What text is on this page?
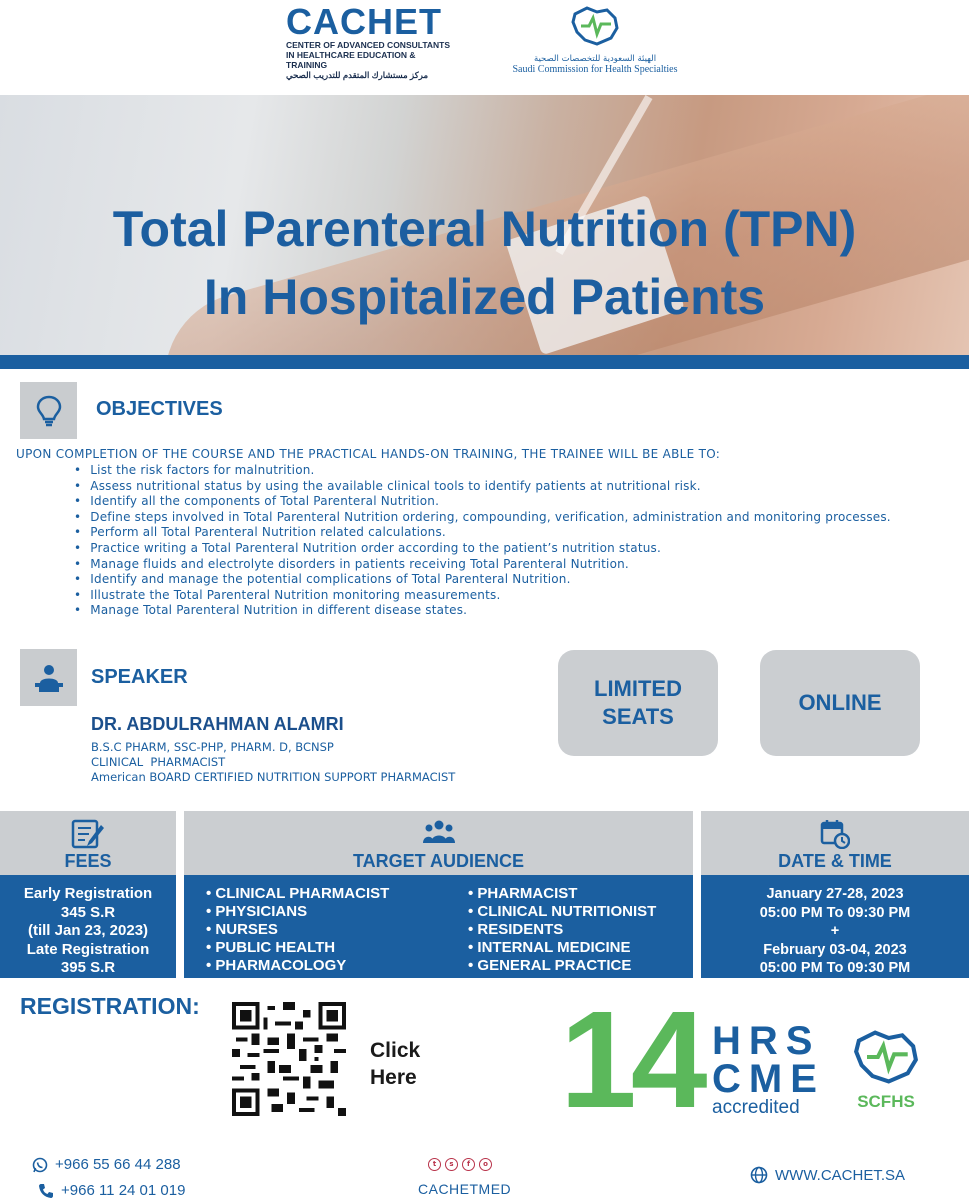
CACHET
CENTER OF ADVANCED CONSULTANTS
IN HEALTHCARE EDUCATION & TRAINING
مركز مستشارك المتقدم للتدريب الصحي
الهيئة السعودية للتخصصات الصحية
Saudi Commission for Health Specialties
Total Parenteral Nutrition (TPN)
In Hospitalized Patients
OBJECTIVES
UPON COMPLETION OF THE COURSE AND THE PRACTICAL HANDS-ON TRAINING, THE TRAINEE WILL BE ABLE TO:
• List the risk factors for malnutrition.
• Assess nutritional status by using the available clinical tools to identify patients at nutritional risk.
• Identify all the components of Total Parenteral Nutrition.
• Define steps involved in Total Parenteral Nutrition ordering, compounding, verification, administration and monitoring processes.
• Perform all Total Parenteral Nutrition related calculations.
• Practice writing a Total Parenteral Nutrition order according to the patient’s nutrition status.
• Manage fluids and electrolyte disorders in patients receiving Total Parenteral Nutrition.
• Identify and manage the potential complications of Total Parenteral Nutrition.
• Illustrate the Total Parenteral Nutrition monitoring measurements.
• Manage Total Parenteral Nutrition in different disease states.
SPEAKER
DR. ABDULRAHMAN ALAMRI
B.S.C PHARM, SSC-PHP, PHARM. D, BCNSP
CLINICAL  PHARMACIST
American BOARD CERTIFIED NUTRITION SUPPORT PHARMACIST
LIMITED
SEATS
ONLINE
FEES
Early Registration
345 S.R
(till Jan 23, 2023)
Late Registration
395 S.R
TARGET AUDIENCE
• CLINICAL PHARMACIST
• PHYSICIANS
• NURSES
• PUBLIC HEALTH
• PHARMACOLOGY
• PHARMACIST
• CLINICAL NUTRITIONIST
• RESIDENTS
• INTERNAL MEDICINE
• GENERAL PRACTICE
DATE & TIME
January 27-28, 2023
05:00 PM To 09:30 PM
+
February 03-04, 2023
05:00 PM To 09:30 PM
REGISTRATION:
Click
Here 14 HRS
CME
accredited	SCFHS
+966 55 66 44 288
+966 11 24 01 019
t	s	f	o
CACHETMED
WWW.CACHET.SA
